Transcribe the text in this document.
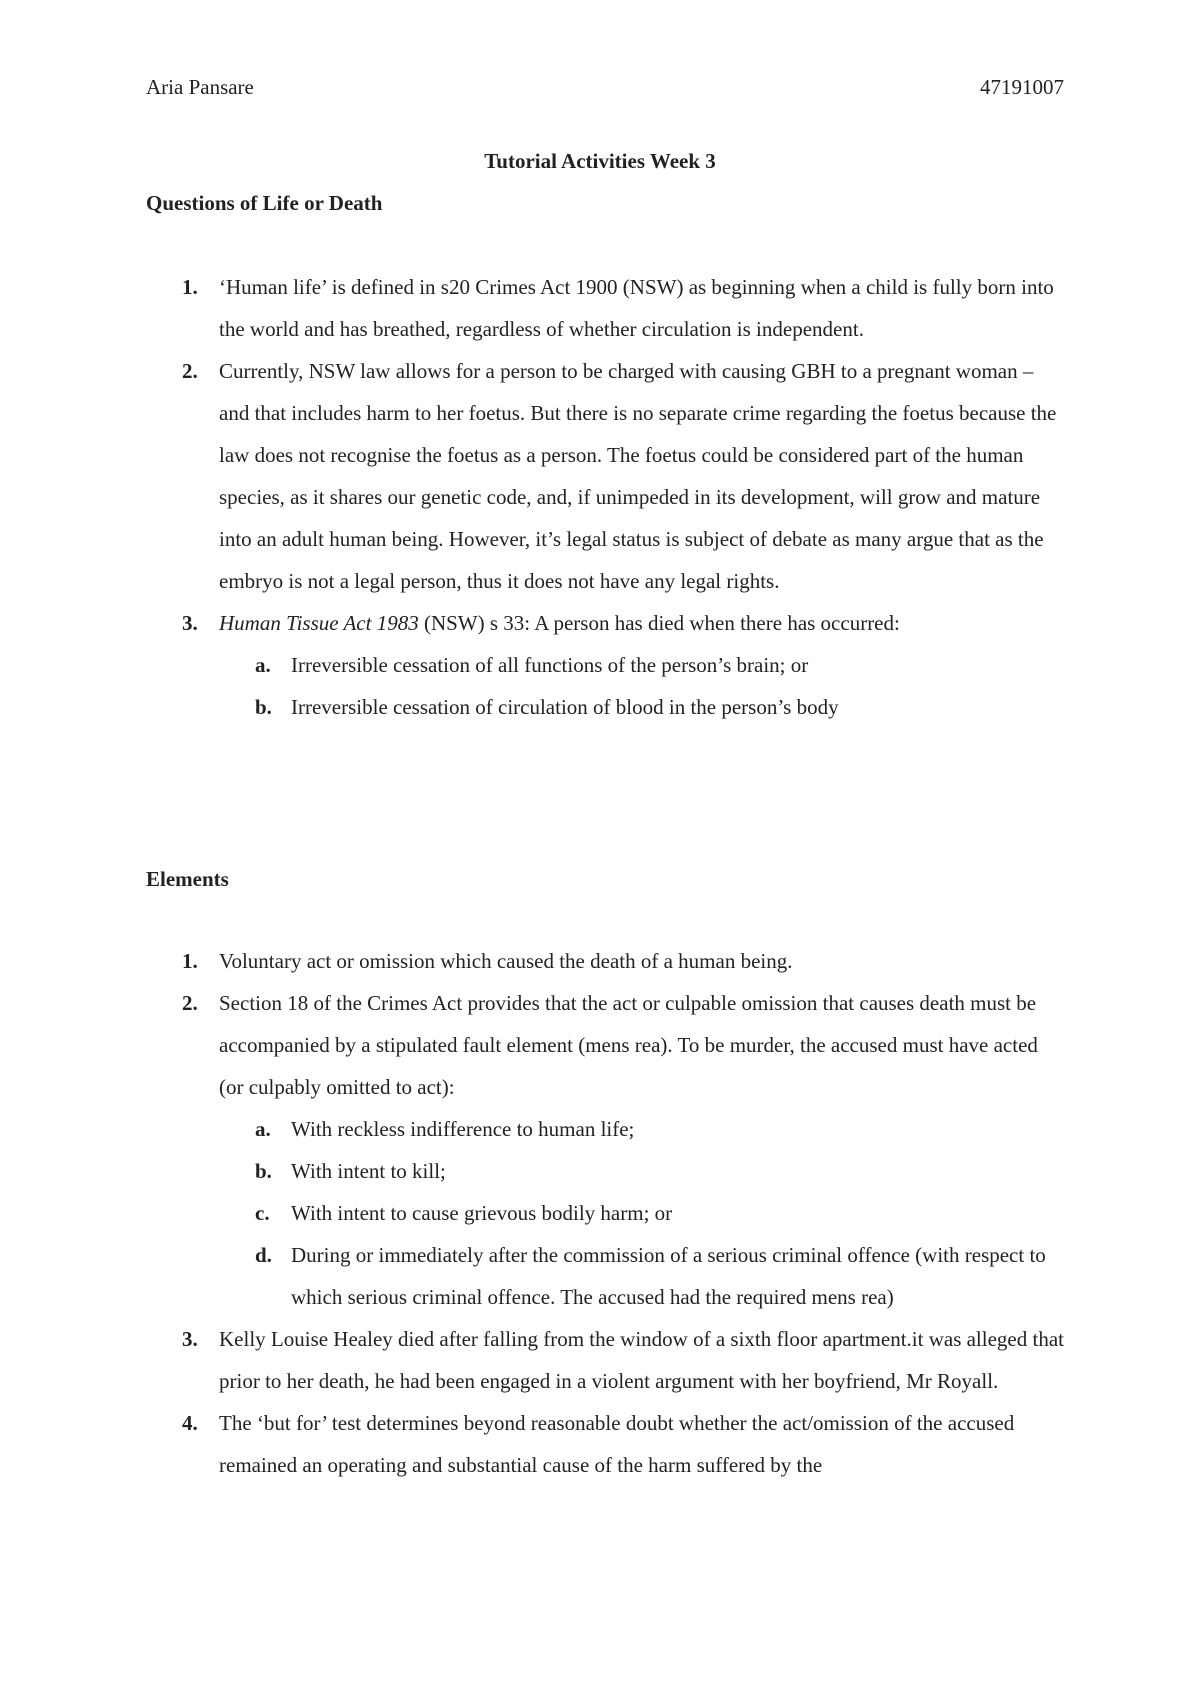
Aria Pansare	47191007
Tutorial Activities Week 3
Questions of Life or Death
1. ‘Human life’ is defined in s20 Crimes Act 1900 (NSW) as beginning when a child is fully born into the world and has breathed, regardless of whether circulation is independent.
2. Currently, NSW law allows for a person to be charged with causing GBH to a pregnant woman – and that includes harm to her foetus. But there is no separate crime regarding the foetus because the law does not recognise the foetus as a person. The foetus could be considered part of the human species, as it shares our genetic code, and, if unimpeded in its development, will grow and mature into an adult human being. However, it’s legal status is subject of debate as many argue that as the embryo is not a legal person, thus it does not have any legal rights.
3. Human Tissue Act 1983 (NSW) s 33: A person has died when there has occurred:
a. Irreversible cessation of all functions of the person’s brain; or
b. Irreversible cessation of circulation of blood in the person’s body
Elements
1. Voluntary act or omission which caused the death of a human being.
2. Section 18 of the Crimes Act provides that the act or culpable omission that causes death must be accompanied by a stipulated fault element (mens rea). To be murder, the accused must have acted (or culpably omitted to act):
a. With reckless indifference to human life;
b. With intent to kill;
c. With intent to cause grievous bodily harm; or
d. During or immediately after the commission of a serious criminal offence (with respect to which serious criminal offence. The accused had the required mens rea)
3. Kelly Louise Healey died after falling from the window of a sixth floor apartment.it was alleged that prior to her death, he had been engaged in a violent argument with her boyfriend, Mr Royall.
4. The ‘but for’ test determines beyond reasonable doubt whether the act/omission of the accused remained an operating and substantial cause of the harm suffered by the
